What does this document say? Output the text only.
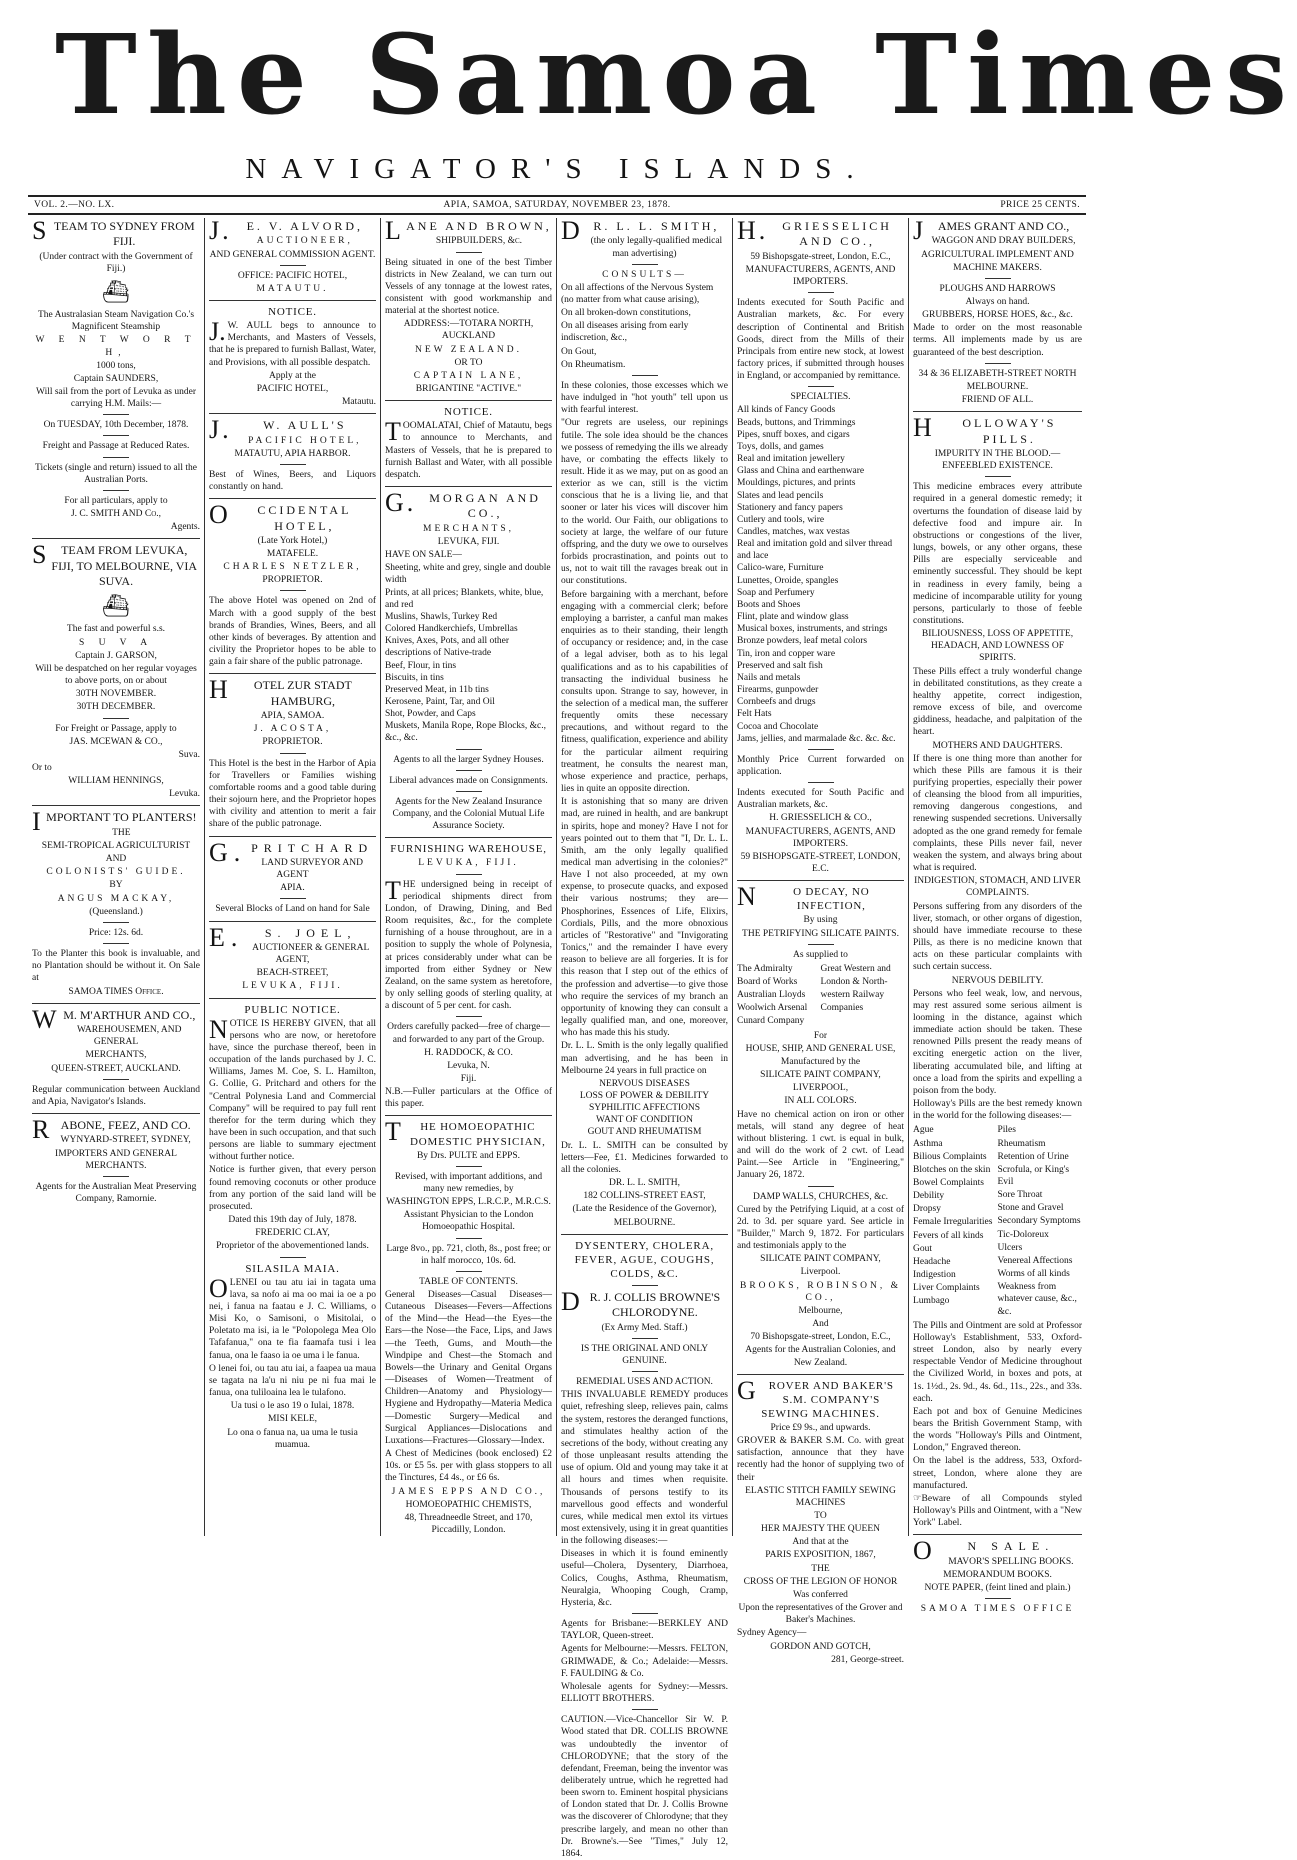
The Samoa Times
NAVIGATOR'S ISLANDS.
VOL. 2.—NO. LX.	APIA, SAMOA, SATURDAY, NOVEMBER 23, 1878.	PRICE 25 CENTS.

STEAM TO SYDNEY FROM FIJI.

(Under contract with the Government of Fiji.)

⛴

The Australasian Steam Navigation Co.'s Magnificent Steamship

W E N T W O R T H,

1000 tons,

Captain SAUNDERS,

Will sail from the port of Levuka as under carrying H.M. Mails:—

On TUESDAY, 10th December, 1878.

Freight and Passage at Reduced Rates.

Tickets (single and return) issued to all the Australian Ports.

For all particulars, apply to

J. C. SMITH AND Co.,

Agents.

STEAM FROM LEVUKA, FIJI, TO MELBOURNE, VIA SUVA.

⛴

The fast and powerful s.s.

S U V A

Captain J. GARSON,

Will be despatched on her regular voyages to above ports, on or about

30TH NOVEMBER.

30TH DECEMBER.

For Freight or Passage, apply to

JAS. MCEWAN & CO.,

Suva.

Or to

WILLIAM HENNINGS,

Levuka.

IMPORTANT TO PLANTERS!

THE

SEMI-TROPICAL AGRICULTURIST

AND

COLONISTS' GUIDE.

BY

ANGUS MACKAY,

(Queensland.)

Price: 12s. 6d.

To the Planter this book is invaluable, and no Plantation should be without it. On Sale at

SAMOA TIMES Office.

WM. M'ARTHUR AND CO.,

WAREHOUSEMEN, AND GENERAL

MERCHANTS,

QUEEN-STREET, AUCKLAND.

Regular communication between Auckland and Apia, Navigator's Islands.

RABONE, FEEZ, AND CO.

WYNYARD-STREET, SYDNEY,

IMPORTERS AND GENERAL MERCHANTS.

Agents for the Australian Meat Preserving Company, Ramornie.

J.E. V. ALVORD,

AUCTIONEER,

AND GENERAL COMMISSION AGENT.

OFFICE: PACIFIC HOTEL,

MATAUTU.

NOTICE.

J.W. AULL begs to announce to Merchants, and Masters of Vessels, that he is prepared to furnish Ballast, Water, and Provisions, with all possible despatch.

Apply at the

PACIFIC HOTEL,

Matautu.

J.W. AULL'S

PACIFIC HOTEL,

MATAUTU, APIA HARBOR.

Best of Wines, Beers, and Liquors constantly on hand.

OCCIDENTAL HOTEL,

(Late York Hotel,)

MATAFELE.

CHARLES NETZLER,

PROPRIETOR.

The above Hotel was opened on 2nd of March with a good supply of the best brands of Brandies, Wines, Beers, and all other kinds of beverages. By attention and civility the Proprietor hopes to be able to gain a fair share of the public patronage.

HOTEL ZUR STADT HAMBURG,

APIA, SAMOA.

J. ACOSTA,

PROPRIETOR.

This Hotel is the best in the Harbor of Apia for Travellers or Families wishing comfortable rooms and a good table during their sojourn here, and the Proprietor hopes with civility and attention to merit a fair share of the public patronage.

G.PRITCHARD

LAND SURVEYOR AND AGENT

APIA.

Several Blocks of Land on hand for Sale

E.S. JOEL,

AUCTIONEER & GENERAL AGENT,

BEACH-STREET,

LEVUKA, FIJI.

PUBLIC NOTICE.

NOTICE IS HEREBY GIVEN, that all persons who are now, or heretofore have, since the purchase thereof, been in occupation of the lands purchased by J. C. Williams, James M. Coe, S. L. Hamilton, G. Collie, G. Pritchard and others for the "Central Polynesia Land and Commercial Company" will be required to pay full rent therefor for the term during which they have been in such occupation, and that such persons are liable to summary ejectment without further notice.

Notice is further given, that every person found removing coconuts or other produce from any portion of the said land will be prosecuted.

Dated this 19th day of July, 1878.

FREDERIC CLAY,

Proprietor of the abovementioned lands.

SILASILA MAIA.

OLENEI ou tau atu iai in tagata uma lava, sa nofo ai ma oo mai ia oe a po nei, i fanua na faatau e J. C. Williams, o Misi Ko, o Samisoni, o Misitolai, o Poletato ma isi, ia le "Polopolega Mea Olo Tafafanua," ona te fia faamafa tusi i lea fanua, ona le faaso ia oe uma i le fanua.

O lenei foi, ou tau atu iai, a faapea ua maua se tagata na la'u ni niu pe ni fua mai le fanua, ona tuliloaina lea le tulafono.

Ua tusi o le aso 19 o Iulai, 1878.

MISI KELE,

Lo ona o fanua na, ua uma le tusia muamua.

LANE AND BROWN,

SHIPBUILDERS, &c.

Being situated in one of the best Timber districts in New Zealand, we can turn out Vessels of any tonnage at the lowest rates, consistent with good workmanship and material at the shortest notice.

ADDRESS:—TOTARA NORTH, AUCKLAND

NEW ZEALAND.

OR TO

CAPTAIN LANE,

BRIGANTINE "ACTIVE."

NOTICE.

TOOMALATAI, Chief of Matautu, begs to announce to Merchants, and Masters of Vessels, that he is prepared to furnish Ballast and Water, with all possible despatch.

G.MORGAN AND CO.,

MERCHANTS,

LEVUKA, FIJI.

HAVE ON SALE—

Sheeting, white and grey, single and double width
Prints, at all prices; Blankets, white, blue, and red
Muslins, Shawls, Turkey Red
Colored Handkerchiefs, Umbrellas
Knives, Axes, Pots, and all other descriptions of Native-trade
Beef, Flour, in tins
Biscuits, in tins
Preserved Meat, in 11b tins
Kerosene, Paint, Tar, and Oil
Shot, Powder, and Caps
Muskets, Manila Rope, Rope Blocks, &c., &c., &c.

Agents to all the larger Sydney Houses.

Liberal advances made on Consignments.

Agents for the New Zealand Insurance Company, and the Colonial Mutual Life Assurance Society.

FURNISHING WAREHOUSE,

LEVUKA, FIJI.

THE undersigned being in receipt of periodical shipments direct from London, of Drawing, Dining, and Bed Room requisites, &c., for the complete furnishing of a house throughout, are in a position to supply the whole of Polynesia, at prices considerably under what can be imported from either Sydney or New Zealand, on the same system as heretofore, by only selling goods of sterling quality, at a discount of 5 per cent. for cash.

Orders carefully packed—free of charge—and forwarded to any part of the Group.

H. RADDOCK, & CO.

Levuka, N.

Fiji.

N.B.—Fuller particulars at the Office of this paper.

THE HOMOEOPATHIC DOMESTIC PHYSICIAN,

By Drs. PULTE and EPPS.

Revised, with important additions, and many new remedies, by

WASHINGTON EPPS, L.R.C.P., M.R.C.S.

Assistant Physician to the London Homoeopathic Hospital.

Large 8vo., pp. 721, cloth, 8s., post free; or in half morocco, 10s. 6d.

TABLE OF CONTENTS.

General Diseases—Casual Diseases—Cutaneous Diseases—Fevers—Affections of the Mind—the Head—the Eyes—the Ears—the Nose—the Face, Lips, and Jaws—the Teeth, Gums, and Mouth—the Windpipe and Chest—the Stomach and Bowels—the Urinary and Genital Organs—Diseases of Women—Treatment of Children—Anatomy and Physiology—Hygiene and Hydropathy—Materia Medica—Domestic Surgery—Medical and Surgical Appliances—Dislocations and Luxations—Fractures—Glossary—Index.

A Chest of Medicines (book enclosed) £2 10s. or £5 5s. per with glass stoppers to all the Tinctures, £4 4s., or £6 6s.

JAMES EPPS AND CO.,

HOMOEOPATHIC CHEMISTS,

48, Threadneedle Street, and 170, Piccadilly, London.

DR. L. L. SMITH,

(the only legally-qualified medical man advertising)

CONSULTS—

On all affections of the Nervous System (no matter from what cause arising),

On all broken-down constitutions,

On all diseases arising from early indiscretion, &c.,

On Gout,

On Rheumatism.

In these colonies, those excesses which we have indulged in "hot youth" tell upon us with fearful interest.

"Our regrets are useless, our repinings futile. The sole idea should be the chances we possess of remedying the ills we already have, or combating the effects likely to result. Hide it as we may, put on as good an exterior as we can, still is the victim conscious that he is a living lie, and that sooner or later his vices will discover him to the world. Our Faith, our obligations to society at large, the welfare of our future offspring, and the duty we owe to ourselves forbids procrastination, and points out to us, not to wait till the ravages break out in our constitutions.

Before bargaining with a merchant, before engaging with a commercial clerk; before employing a barrister, a canful man makes enquiries as to their standing, their length of occupancy or residence; and, in the case of a legal adviser, both as to his legal qualifications and as to his capabilities of transacting the individual business he consults upon. Strange to say, however, in the selection of a medical man, the sufferer frequently omits these necessary precautions, and without regard to the fitness, qualification, experience and ability for the particular ailment requiring treatment, he consults the nearest man, whose experience and practice, perhaps, lies in quite an opposite direction.

It is astonishing that so many are driven mad, are ruined in health, and are bankrupt in spirits, hope and money? Have I not for years pointed out to them that "I, Dr. L. L. Smith, am the only legally qualified medical man advertising in the colonies?" Have I not also proceeded, at my own expense, to prosecute quacks, and exposed their various nostrums; they are—Phosphorines, Essences of Life, Elixirs, Cordials, Pills, and the more obnoxious articles of "Restorative" and "Invigorating Tonics," and the remainder I have every reason to believe are all forgeries. It is for this reason that I step out of the ethics of the profession and advertise—to give those who require the services of my branch an opportunity of knowing they can consult a legally qualified man, and one, moreover, who has made this his study.

Dr. L. L. Smith is the only legally qualified man advertising, and he has been in Melbourne 24 years in full practice on

NERVOUS DISEASES
LOSS OF POWER & DEBILITY
SYPHILITIC AFFECTIONS
WANT OF CONDITION
GOUT AND RHEUMATISM

Dr. L. L. SMITH can be consulted by letters—Fee, £1. Medicines forwarded to all the colonies.

DR. L. L. SMITH,

182 COLLINS-STREET EAST,

(Late the Residence of the Governor),

MELBOURNE.

DYSENTERY, CHOLERA, FEVER, AGUE, COUGHS, COLDS, &C.

DR. J. COLLIS BROWNE'S CHLORODYNE.

(Ex Army Med. Staff.)

IS THE ORIGINAL AND ONLY GENUINE.

REMEDIAL USES AND ACTION.

THIS INVALUABLE REMEDY produces quiet, refreshing sleep, relieves pain, calms the system, restores the deranged functions, and stimulates healthy action of the secretions of the body, without creating any of those unpleasant results attending the use of opium. Old and young may take it at all hours and times when requisite. Thousands of persons testify to its marvellous good effects and wonderful cures, while medical men extol its virtues most extensively, using it in great quantities in the following diseases:—

Diseases in which it is found eminently useful—Cholera, Dysentery, Diarrhoea, Colics, Coughs, Asthma, Rheumatism, Neuralgia, Whooping Cough, Cramp, Hysteria, &c.

Agents for Brisbane:—BERKLEY AND TAYLOR, Queen-street.

Agents for Melbourne:—Messrs. FELTON, GRIMWADE, & Co.; Adelaide:—Messrs. F. FAULDING & Co.

Wholesale agents for Sydney:—Messrs. ELLIOTT BROTHERS.

CAUTION.—Vice-Chancellor Sir W. P. Wood stated that DR. COLLIS BROWNE was undoubtedly the inventor of CHLORODYNE; that the story of the defendant, Freeman, being the inventor was deliberately untrue, which he regretted had been sworn to. Eminent hospital physicians of London stated that Dr. J. Collis Browne was the discoverer of Chlorodyne; that they prescribe largely, and mean no other than Dr. Browne's.—See "Times," July 12, 1864.

H.GRIESSELICH AND CO.,

59 Bishopsgate-street, London, E.C.,

MANUFACTURERS, AGENTS, AND IMPORTERS.

Indents executed for South Pacific and Australian markets, &c. For every description of Continental and British Goods, direct from the Mills of their Principals from entire new stock, at lowest factory prices, if submitted through houses in England, or accompanied by remittance.

SPECIALTIES.

All kinds of Fancy Goods
Beads, buttons, and Trimmings
Pipes, snuff boxes, and cigars
Toys, dolls, and games
Real and imitation jewellery
Glass and China and earthenware
Mouldings, pictures, and prints
Slates and lead pencils
Stationery and fancy papers
Cutlery and tools, wire
Candles, matches, wax vestas
Real and imitation gold and silver thread and lace
Calico-ware, Furniture
Lunettes, Oroide, spangles
Soap and Perfumery
Boots and Shoes
Flint, plate and window glass
Musical boxes, instruments, and strings
Bronze powders, leaf metal colors
Tin, iron and copper ware
Preserved and salt fish
Nails and metals
Firearms, gunpowder
Cornbeefs and drugs
Felt Hats
Cocoa and Chocolate
Jams, jellies, and marmalade &c. &c. &c.

Monthly Price Current forwarded on application.

Indents executed for South Pacific and Australian markets, &c.

H. GRIESSELICH & CO.,

MANUFACTURERS, AGENTS, AND IMPORTERS.

59 BISHOPSGATE-STREET, LONDON, E.C.

NO DECAY, NO INFECTION,

By using

THE PETRIFYING SILICATE PAINTS.

As supplied to

The Admiralty

Board of Works

Australian Lloyds

Woolwich Arsenal

Cunard Company

Great Western and

London & North-

western Railway

Companies

For

HOUSE, SHIP, AND GENERAL USE,

Manufactured by the

SILICATE PAINT COMPANY,

LIVERPOOL,

IN ALL COLORS.

Have no chemical action on iron or other metals, will stand any degree of heat without blistering. 1 cwt. is equal in bulk, and will do the work of 2 cwt. of Lead Paint.—See Article in "Engineering," January 26, 1872.

DAMP WALLS, CHURCHES, &c.

Cured by the Petrifying Liquid, at a cost of 2d. to 3d. per square yard. See article in "Builder," March 9, 1872. For particulars and testimonials apply to the

SILICATE PAINT COMPANY,

Liverpool.

BROOKS, ROBINSON, & CO.,

Melbourne,

And

70 Bishopsgate-street, London, E.C.,

Agents for the Australian Colonies, and New Zealand.

GROVER AND BAKER'S S.M. COMPANY'S SEWING MACHINES.

Price £9 9s., and upwards.

GROVER & BAKER S.M. Co. with great satisfaction, announce that they have recently had the honor of supplying two of their

ELASTIC STITCH FAMILY SEWING MACHINES

TO

HER MAJESTY THE QUEEN

And that at the

PARIS EXPOSITION, 1867,

THE

CROSS OF THE LEGION OF HONOR

Was conferred

Upon the representatives of the Grover and Baker's Machines.

Sydney Agency—

GORDON AND GOTCH,

281, George-street.

JAMES GRANT AND CO.,

WAGGON AND DRAY BUILDERS,

AGRICULTURAL IMPLEMENT AND

MACHINE MAKERS.

PLOUGHS AND HARROWS

Always on hand.

GRUBBERS, HORSE HOES, &c., &c.

Made to order on the most reasonable terms. All implements made by us are guaranteed of the best description.

34 & 36 ELIZABETH-STREET NORTH

MELBOURNE.

FRIEND OF ALL.

HOLLOWAY'S PILLS.

IMPURITY IN THE BLOOD.—ENFEEBLED EXISTENCE.

This medicine embraces every attribute required in a general domestic remedy; it overturns the foundation of disease laid by defective food and impure air. In obstructions or congestions of the liver, lungs, bowels, or any other organs, these Pills are especially serviceable and eminently successful. They should be kept in readiness in every family, being a medicine of incomparable utility for young persons, particularly to those of feeble constitutions.

BILIOUSNESS, LOSS OF APPETITE, HEADACH, AND LOWNESS OF SPIRITS.

These Pills effect a truly wonderful change in debilitated constitutions, as they create a healthy appetite, correct indigestion, remove excess of bile, and overcome giddiness, headache, and palpitation of the heart.

MOTHERS AND DAUGHTERS.

If there is one thing more than another for which these Pills are famous it is their purifying properties, especially their power of cleansing the blood from all impurities, removing dangerous congestions, and renewing suspended secretions. Universally adopted as the one grand remedy for female complaints, these Pills never fail, never weaken the system, and always bring about what is required.

INDIGESTION, STOMACH, AND LIVER COMPLAINTS.

Persons suffering from any disorders of the liver, stomach, or other organs of digestion, should have immediate recourse to these Pills, as there is no medicine known that acts on these particular complaints with such certain success.

NERVOUS DEBILITY.

Persons who feel weak, low, and nervous, may rest assured some serious ailment is looming in the distance, against which immediate action should be taken. These renowned Pills present the ready means of exciting energetic action on the liver, liberating accumulated bile, and lifting at once a load from the spirits and expelling a poison from the body.

Holloway's Pills are the best remedy known in the world for the following diseases:—

Ague

Asthma

Bilious Complaints

Blotches on the skin

Bowel Complaints

Debility

Dropsy

Female Irregularities

Fevers of all kinds

Gout

Headache

Indigestion

Liver Complaints

Lumbago

Piles

Rheumatism

Retention of Urine

Scrofula, or King's Evil

Sore Throat

Stone and Gravel

Secondary Symptoms

Tic-Doloreux

Ulcers

Venereal Affections

Worms of all kinds

Weakness from whatever cause, &c., &c.

The Pills and Ointment are sold at Professor Holloway's Establishment, 533, Oxford-street London, also by nearly every respectable Vendor of Medicine throughout the Civilized World, in boxes and pots, at 1s. 1½d., 2s. 9d., 4s. 6d., 11s., 22s., and 33s. each.

Each pot and box of Genuine Medicines bears the British Government Stamp, with the words "Holloway's Pills and Ointment, London," Engraved thereon.

On the label is the address, 533, Oxford-street, London, where alone they are manufactured.

☞Beware of all Compounds styled Holloway's Pills and Ointment, with a "New York" Label.

ON SALE.

MAVOR'S SPELLING BOOKS.

MEMORANDUM BOOKS.

NOTE PAPER, (feint lined and plain.)

SAMOA TIMES OFFICE
